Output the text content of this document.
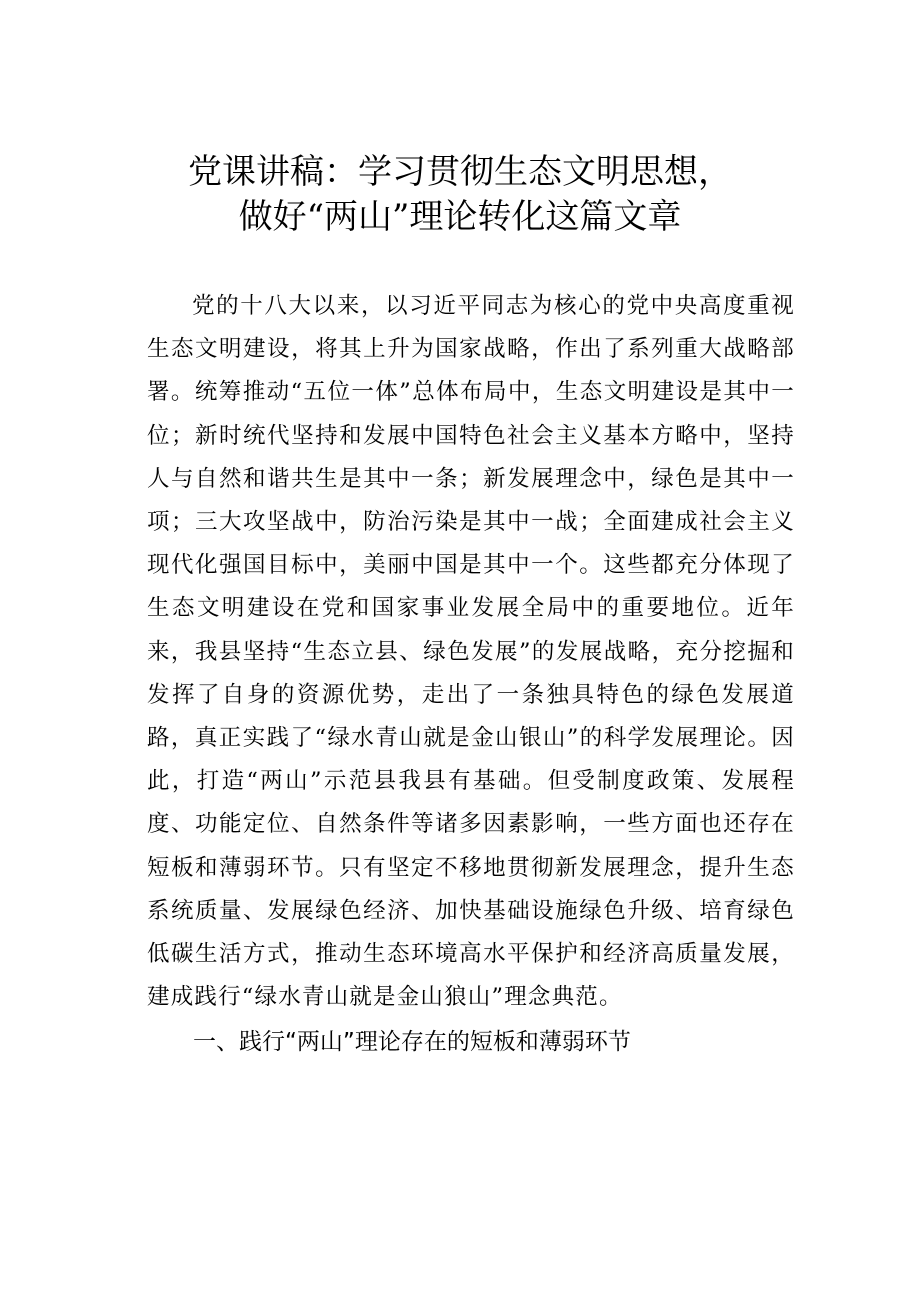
党课讲稿：学习贯彻生态文明思想，
做好“两山”理论转化这篇文章

党的十八大以来，以习近平同志为核心的党中央高度重视生态文明建设，将其上升为国家战略，作出了系列重大战略部署。统筹推动“五位一体”总体布局中，生态文明建设是其中一位；新时统代坚持和发展中国特色社会主义基本方略中，坚持人与自然和谐共生是其中一条；新发展理念中，绿色是其中一项；三大攻坚战中，防治污染是其中一战；全面建成社会主义现代化强国目标中，美丽中国是其中一个。这些都充分体现了生态文明建设在党和国家事业发展全局中的重要地位。近年来，我县坚持“生态立县、绿色发展”的发展战略，充分挖掘和发挥了自身的资源优势，走出了一条独具特色的绿色发展道路，真正实践了“绿水青山就是金山银山”的科学发展理论。因此，打造“两山”示范县我县有基础。但受制度政策、发展程度、功能定位、自然条件等诸多因素影响，一些方面也还存在短板和薄弱环节。只有坚定不移地贯彻新发展理念，提升生态系统质量、发展绿色经济、加快基础设施绿色升级、培育绿色低碳生活方式，推动生态环境高水平保护和经济高质量发展，建成践行“绿水青山就是金山狼山”理念典范。

一、践行“两山”理论存在的短板和薄弱环节
